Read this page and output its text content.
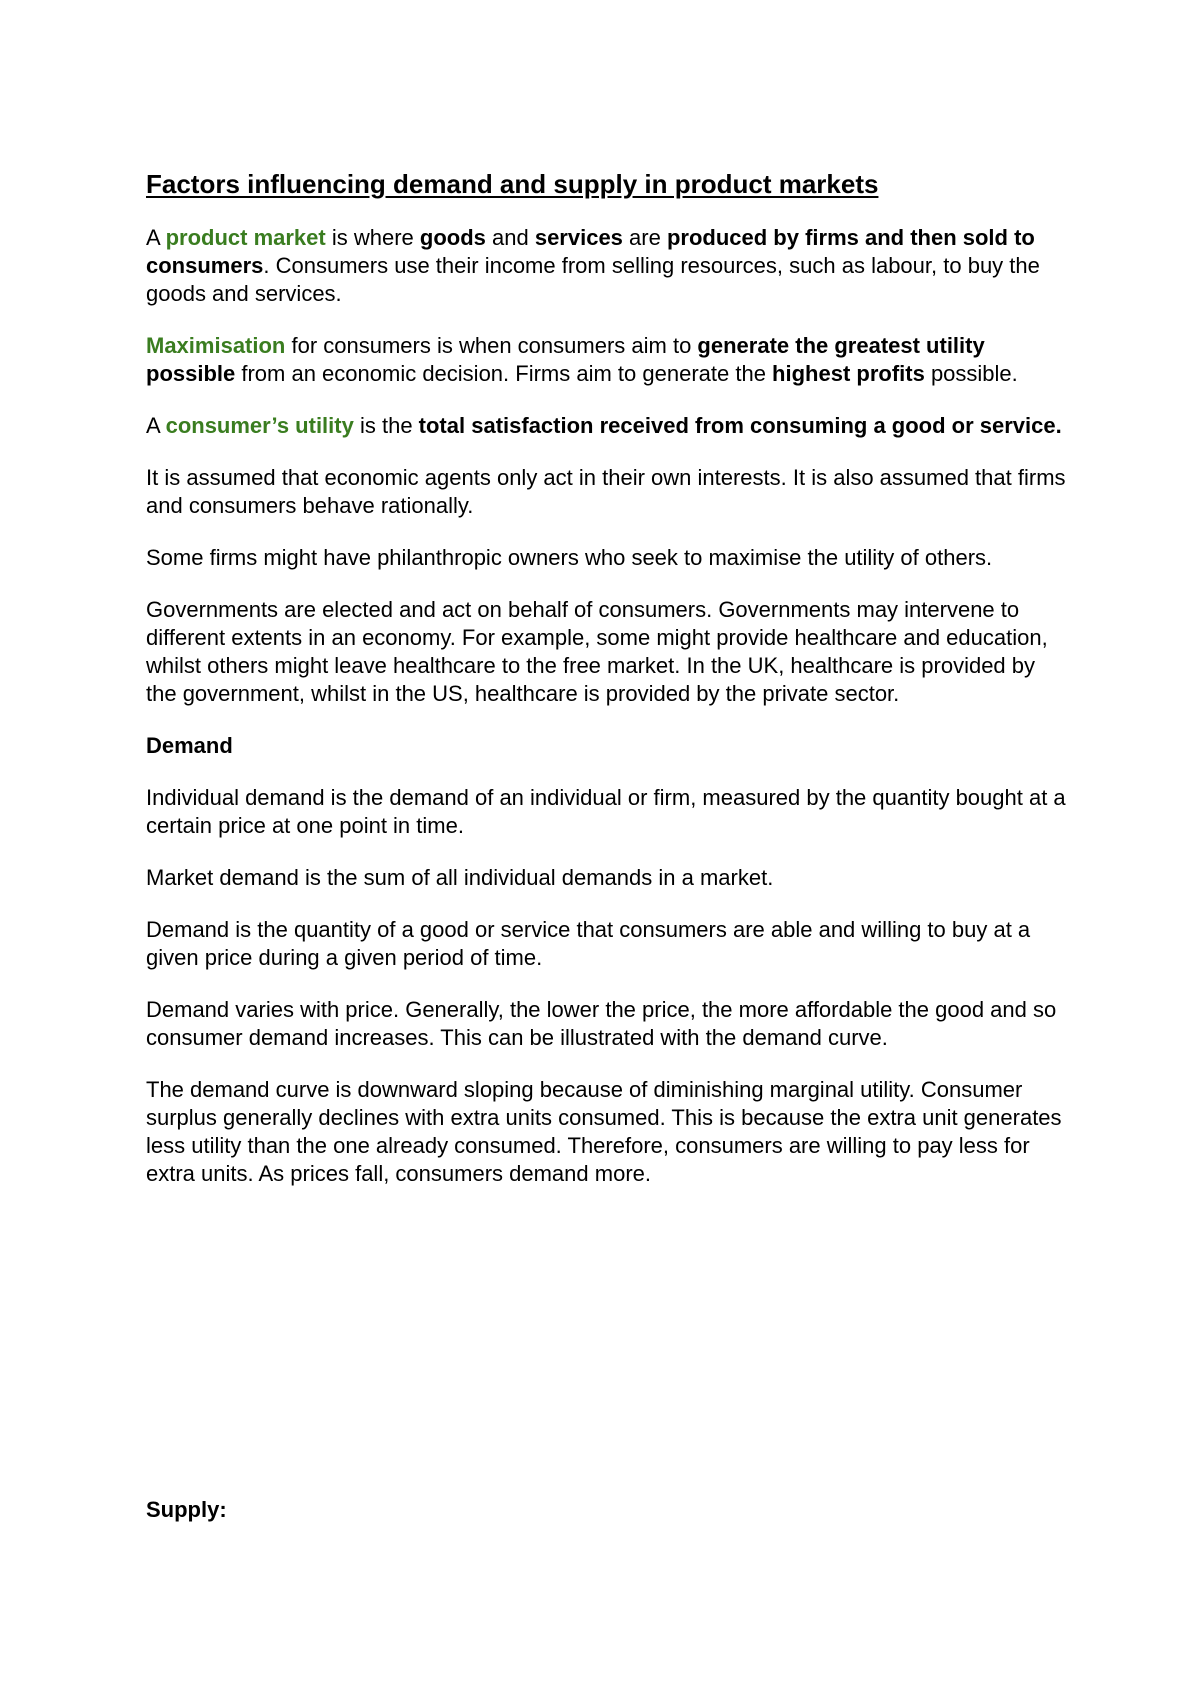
Factors influencing demand and supply in product markets

A product market is where goods and services are produced by firms and then sold to consumers. Consumers use their income from selling resources, such as labour, to buy the goods and services.

Maximisation for consumers is when consumers aim to generate the greatest utility possible from an economic decision. Firms aim to generate the highest profits possible.

A consumer’s utility is the total satisfaction received from consuming a good or service.

It is assumed that economic agents only act in their own interests. It is also assumed that firms and consumers behave rationally.

Some firms might have philanthropic owners who seek to maximise the utility of others.

Governments are elected and act on behalf of consumers. Governments may intervene to different extents in an economy. For example, some might provide healthcare and education, whilst others might leave healthcare to the free market. In the UK, healthcare is provided by the government, whilst in the US, healthcare is provided by the private sector.

Demand

Individual demand is the demand of an individual or firm, measured by the quantity bought at a certain price at one point in time.

Market demand is the sum of all individual demands in a market.

Demand is the quantity of a good or service that consumers are able and willing to buy at a given price during a given period of time.

Demand varies with price. Generally, the lower the price, the more affordable the good and so consumer demand increases. This can be illustrated with the demand curve.

The demand curve is downward sloping because of diminishing marginal utility. Consumer surplus generally declines with extra units consumed. This is because the extra unit generates less utility than the one already consumed. Therefore, consumers are willing to pay less for extra units. As prices fall, consumers demand more.

Supply:
